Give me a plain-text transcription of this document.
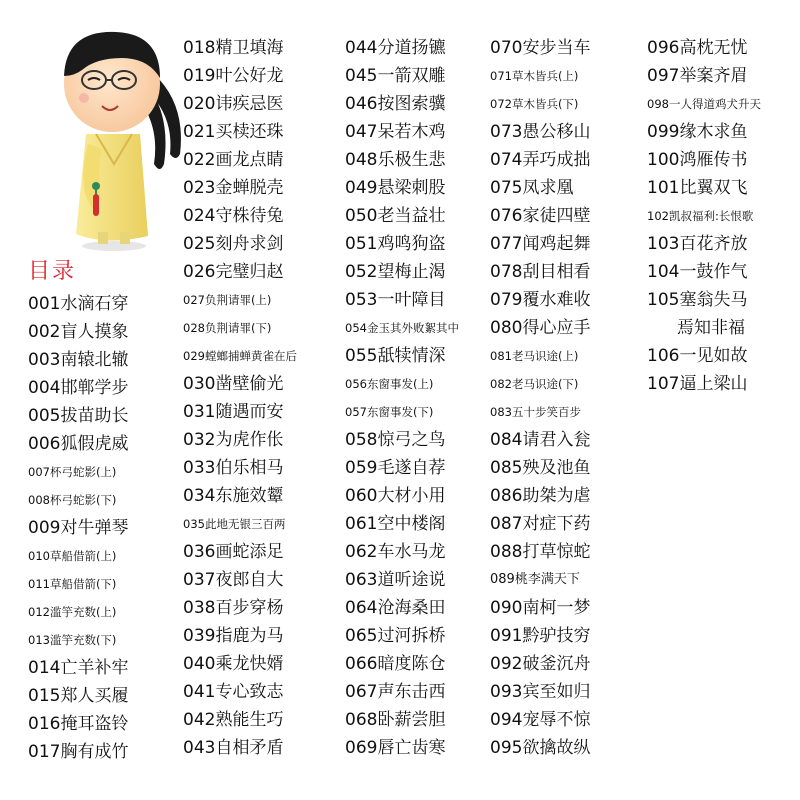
目录
001水滴石穿
002盲人摸象
003南辕北辙
004邯郸学步
005拔苗助长
006狐假虎威
007杯弓蛇影(上)
008杯弓蛇影(下)
009对牛弹琴
010草船借箭(上)
011草船借箭(下)
012滥竽充数(上)
013滥竽充数(下)
014亡羊补牢
015郑人买履
016掩耳盗铃
017胸有成竹
018精卫填海
019叶公好龙
020讳疾忌医
021买椟还珠
022画龙点睛
023金蝉脱壳
024守株待兔
025刻舟求剑
026完璧归赵
027负荆请罪(上)
028负荆请罪(下)
029螳螂捕蝉黄雀在后
030凿壁偷光
031随遇而安
032为虎作伥
033伯乐相马
034东施效颦
035此地无银三百两
036画蛇添足
037夜郎自大
038百步穿杨
039指鹿为马
040乘龙快婿
041专心致志
042熟能生巧
043自相矛盾
044分道扬镳
045一箭双雕
046按图索骥
047呆若木鸡
048乐极生悲
049悬梁刺股
050老当益壮
051鸡鸣狗盗
052望梅止渴
053一叶障目
054金玉其外败絮其中
055舐犊情深
056东窗事发(上)
057东窗事发(下)
058惊弓之鸟
059毛遂自荐
060大材小用
061空中楼阁
062车水马龙
063道听途说
064沧海桑田
065过河拆桥
066暗度陈仓
067声东击西
068卧薪尝胆
069唇亡齿寒
070安步当车
071草木皆兵(上)
072草木皆兵(下)
073愚公移山
074弄巧成拙
075凤求凰
076家徒四壁
077闻鸡起舞
078刮目相看
079覆水难收
080得心应手
081老马识途(上)
082老马识途(下)
083五十步笑百步
084请君入瓮
085殃及池鱼
086助桀为虐
087对症下药
088打草惊蛇
089桃李满天下
090南柯一梦
091黔驴技穷
092破釜沉舟
093宾至如归
094宠辱不惊
095欲擒故纵
096高枕无忧
097举案齐眉
098一人得道鸡犬升天
099缘木求鱼
100鸿雁传书
101比翼双飞
102凯叔福利:长恨歌
103百花齐放
104一鼓作气
105塞翁失马
焉知非福
106一见如故
107逼上梁山
